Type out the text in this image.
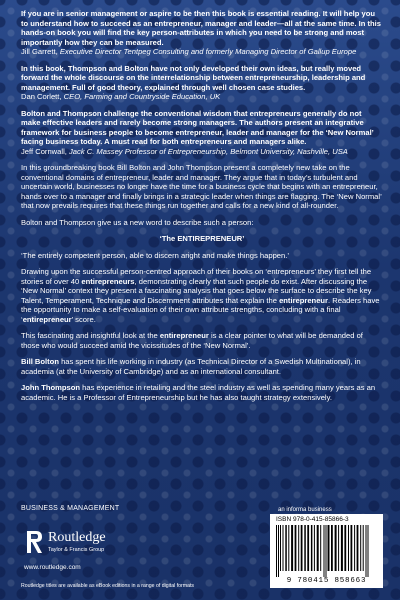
If you are in senior management or aspire to be then this book is essential reading. It will help you to understand how to succeed as an entrepreneur, manager and leader—all at the same time. In this hands-on book you will find the key person-attributes in which you need to be strong and most importantly how they can be measured.
Jill Garrett, Executive Director Tentpeg Consulting and formerly Managing Director of Gallup Europe
In this book, Thompson and Bolton have not only developed their own ideas, but really moved forward the whole discourse on the interrelationship between entrepreneurship, leadership and management. Full of good theory, explained through well chosen case studies.
Dan Corlett, CEO, Farming and Countryside Education, UK
Bolton and Thompson challenge the conventional wisdom that entrepreneurs generally do not make effective leaders and rarely become strong managers. The authors present an integrative framework for business people to become entrepreneur, leader and manager for the ‘New Normal’ facing business today. A must read for both entrepreneurs and managers alike.
Jeff Cornwall, Jack C. Massey Professor of Entrepreneurship, Belmont University, Nashville, USA
In this groundbreaking book Bill Bolton and John Thompson present a completely new take on the conventional domains of entrepreneur, leader and manager. They argue that in today’s turbulent and uncertain world, businesses no longer have the time for a business cycle that begins with an entrepreneur, hands over to a manager and finally brings in a strategic leader when things are flagging. The ‘New Normal’ that now prevails requires that these things run together and calls for a new kind of all-rounder.
Bolton and Thompson give us a new word to describe such a person:
‘The ENTIREPRENEUR’
‘The entirely competent person, able to discern aright and make things happen.’
Drawing upon the successful person-centred approach of their books on ‘entrepreneurs’ they first tell the stories of over 40 entirepreneurs, demonstrating clearly that such people do exist. After discussing the ‘New Normal’ context they present a fascinating analysis that goes below the surface to describe the key Talent, Temperament, Technique and Discernment attributes that explain the entirepreneur. Readers have the opportunity to make a self-evaluation of their own attribute strengths, concluding with a final ‘entirepreneur’ score.
This fascinating and insightful look at the entirepreneur is a clear pointer to what will be demanded of those who would succeed amid the vicissitudes of the ‘New Normal’.
Bill Bolton has spent his life working in industry (as Technical Director of a Swedish Multinational), in academia (at the University of Cambridge) and as an international consultant.
John Thompson has experience in retailing and the steel industry as well as spending many years as an academic. He is a Professor of Entrepreneurship but he has also taught strategy extensively.
BUSINESS & MANAGEMENT
Routledge
Taylor & Francis Group
www.routledge.com
Routledge titles are available as eBook editions in a range of digital formats
an informa business
ISBN 978-0-415-85866-3
9 780415 858663
